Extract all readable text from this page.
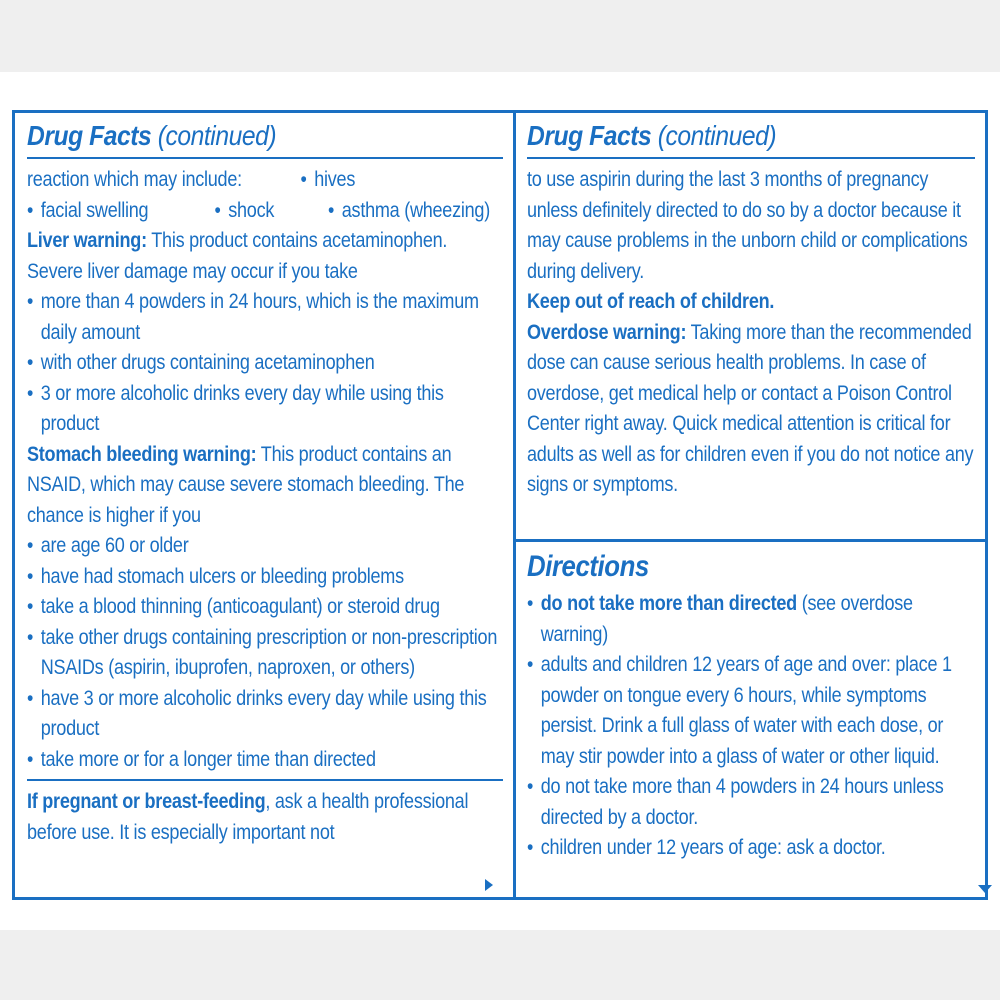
Drug Facts (continued)
reaction which may include:	• hives
• facial swelling	• shock	• asthma (wheezing)

Liver warning: This product contains acetaminophen. Severe liver damage may occur if you take

• more than 4 powders in 24 hours, which is the maximum daily amount

• with other drugs containing acetaminophen

• 3 or more alcoholic drinks every day while using this product

Stomach bleeding warning: This product contains an NSAID, which may cause severe stomach bleeding. The chance is higher if you

• are age 60 or older

• have had stomach ulcers or bleeding problems

• take a blood thinning (anticoagulant) or steroid drug

• take other drugs containing prescription or non-prescription NSAIDs (aspirin, ibuprofen, naproxen, or others)

• have 3 or more alcoholic drinks every day while using this product

• take more or for a longer time than directed

If pregnant or breast-feeding, ask a health professional before use. It is especially important not

Drug Facts (continued)

to use aspirin during the last 3 months of pregnancy unless definitely directed to do so by a doctor because it may cause problems in the unborn child or complications during delivery.

Keep out of reach of children.

Overdose warning: Taking more than the recommended dose can cause serious health problems. In case of overdose, get medical help or contact a Poison Control Center right away. Quick medical attention is critical for adults as well as for children even if you do not notice any signs or symptoms.

Directions

• do not take more than directed (see overdose warning)

• adults and children 12 years of age and over: place 1 powder on tongue every 6 hours, while symptoms persist. Drink a full glass of water with each dose, or may stir powder into a glass of water or other liquid.

• do not take more than 4 powders in 24 hours unless directed by a doctor.

• children under 12 years of age: ask a doctor.
